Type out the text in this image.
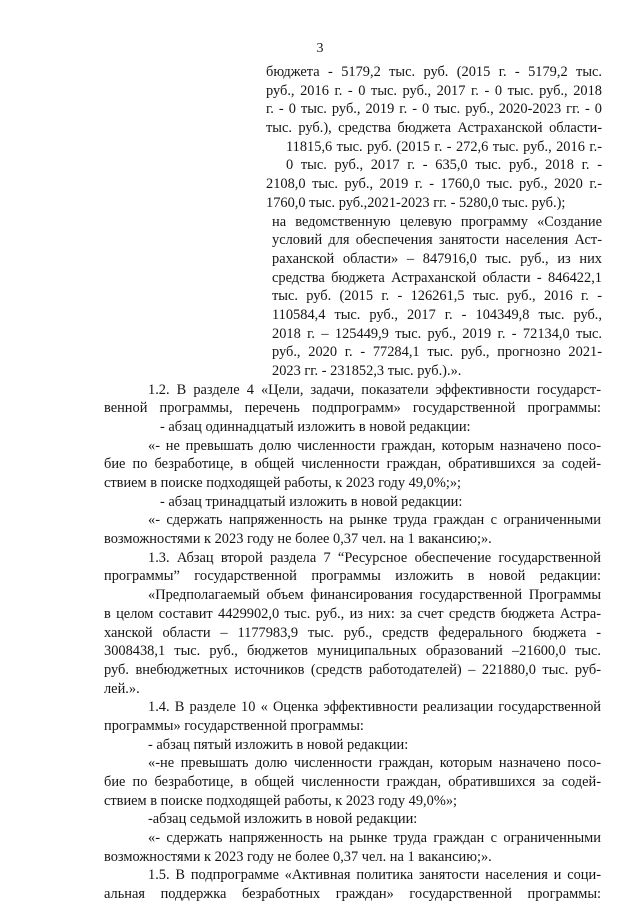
3
бюджета - 5179,2 тыс. руб. (2015 г. - 5179,2 тыс.
руб., 2016 г. - 0 тыс. руб., 2017 г. - 0 тыс. руб., 2018
г. - 0 тыс. руб., 2019 г. - 0 тыс. руб., 2020-2023 гг. - 0
тыс. руб.), средства бюджета Астраханской области-
11815,6 тыс. руб. (2015 г. - 272,6 тыс. руб., 2016 г.-
0 тыс. руб., 2017 г. - 635,0 тыс. руб., 2018 г. -
2108,0 тыс. руб., 2019 г. - 1760,0 тыс. руб., 2020 г.-
1760,0 тыс. руб.,2021-2023 гг. - 5280,0 тыс. руб.);
на ведомственную целевую программу «Создание
условий для обеспечения занятости населения Аст-
раханской области» – 847916,0 тыс. руб., из них
средства бюджета Астраханской области - 846422,1
тыс. руб. (2015 г. - 126261,5 тыс. руб., 2016 г. -
110584,4 тыс. руб., 2017 г. - 104349,8 тыс. руб.,
2018 г. – 125449,9 тыс. руб., 2019 г. - 72134,0 тыс.
руб., 2020 г. - 77284,1 тыс. руб., прогнозно 2021-
2023 гг. - 231852,3 тыс. руб.).».
1.2. В разделе 4 «Цели, задачи, показатели эффективности государст-
венной программы, перечень подпрограмм» государственной программы:
- абзац одиннадцатый изложить в новой редакции:
«- не превышать долю численности граждан, которым назначено посо-
бие по безработице, в общей численности граждан, обратившихся за содей-
ствием в поиске подходящей работы, к 2023 году 49,0%;»;
- абзац тринадцатый изложить в новой редакции:
«- сдержать напряженность на рынке труда граждан с ограниченными
возможностями к 2023 году не более 0,37 чел. на 1 вакансию;».
1.3. Абзац второй раздела 7 “Ресурсное обеспечение государственной
программы” государственной программы изложить в новой редакции:
«Предполагаемый объем финансирования государственной Программы
в целом составит 4429902,0 тыс. руб., из них: за счет средств бюджета Астра-
ханской области – 1177983,9 тыс. руб., средств федерального бюджета -
3008438,1 тыс. руб., бюджетов муниципальных образований –21600,0 тыс.
руб. внебюджетных источников (средств работодателей) – 221880,0 тыс. руб-
лей.».
1.4. В разделе 10 « Оценка эффективности реализации государственной
программы» государственной программы:
- абзац пятый изложить в новой редакции:
«-не превышать долю численности граждан, которым назначено посо-
бие по безработице, в общей численности граждан, обратившихся за содей-
ствием в поиске подходящей работы, к 2023 году 49,0%»;
-абзац седьмой изложить в новой редакции:
«- сдержать напряженность на рынке труда граждан с ограниченными
возможностями к 2023 году не более 0,37 чел. на 1 вакансию;».
1.5. В подпрограмме «Активная политика занятости населения и соци-
альная поддержка безработных граждан» государственной программы:
